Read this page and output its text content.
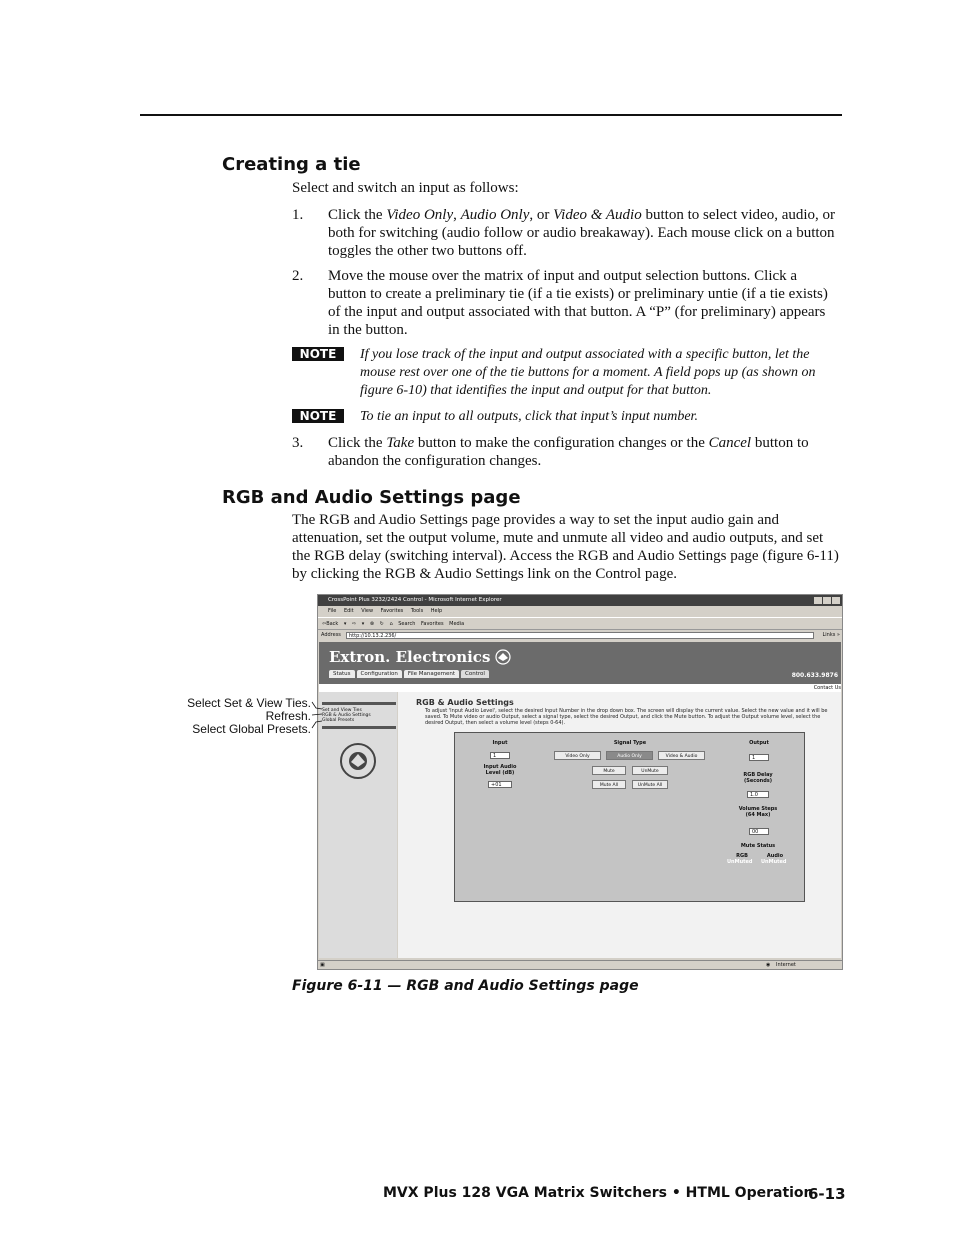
Creating a tie
Select and switch an input as follows:
1. Click the Video Only, Audio Only, or Video & Audio button to select video, audio, or both for switching (audio follow or audio breakaway). Each mouse click on a button toggles the other two buttons off.
2. Move the mouse over the matrix of input and output selection buttons. Click a button to create a preliminary tie (if a tie exists) or preliminary untie (if a tie exists) of the input and output associated with that button. A “P” (for preliminary) appears in the button.
NOTE	If you lose track of the input and output associated with a specific button, let the mouse rest over one of the tie buttons for a moment. A field pops up (as shown on figure 6-10) that identifies the input and output for that button.
NOTE	To tie an input to all outputs, click that input’s input number.
3. Click the Take button to make the configuration changes or the Cancel button to abandon the configuration changes.
RGB and Audio Settings page
The RGB and Audio Settings page provides a way to set the input audio gain and attenuation, set the output volume, mute and unmute all video and audio outputs, and set the RGB delay (switching interval). Access the RGB and Audio Settings page (figure 6-11) by clicking the RGB & Audio Settings link on the Control page.
CrossPoint Plus 3232/2424 Control - Microsoft Internet Explorer
File Edit View Favorites Tools Help
⇦Back ▾ ⇨ ▾ ⊗ ↻ ⌂ Search Favorites Media
Address	http://10.13.2.236/	Links »
Extron. Electronics
Status Configuration File Management Control	800.633.9876
Contact Us
Set and View Ties
RGB & Audio Settings
Global Presets
RGB & Audio Settings
To adjust 'Input Audio Level', select the desired Input Number in the drop down box. The screen will display the current value. Select the new value and it will be saved. To Mute video or audio Output, select a signal type, select the desired Output, and click the Mute button. To adjust the Output volume level, select the desired Output, then select a volume level (steps 0-64).
Input
1
Input Audio Level (dB)
+01
Signal Type
Video Only	Audio Only	Video & Audio
Mute	UnMute
Mute All	UnMute All
Output
1
RGB Delay (Seconds)
1.0
Volume Steps (64 Max)
00
Mute Status
RGB	Audio
UnMuted UnMuted
▣	◉ Internet
Select Set & View Ties.
Refresh.
Select Global Presets.
Figure 6-11 — RGB and Audio Settings page
MVX Plus 128 VGA Matrix Switchers • HTML Operation
6-13
